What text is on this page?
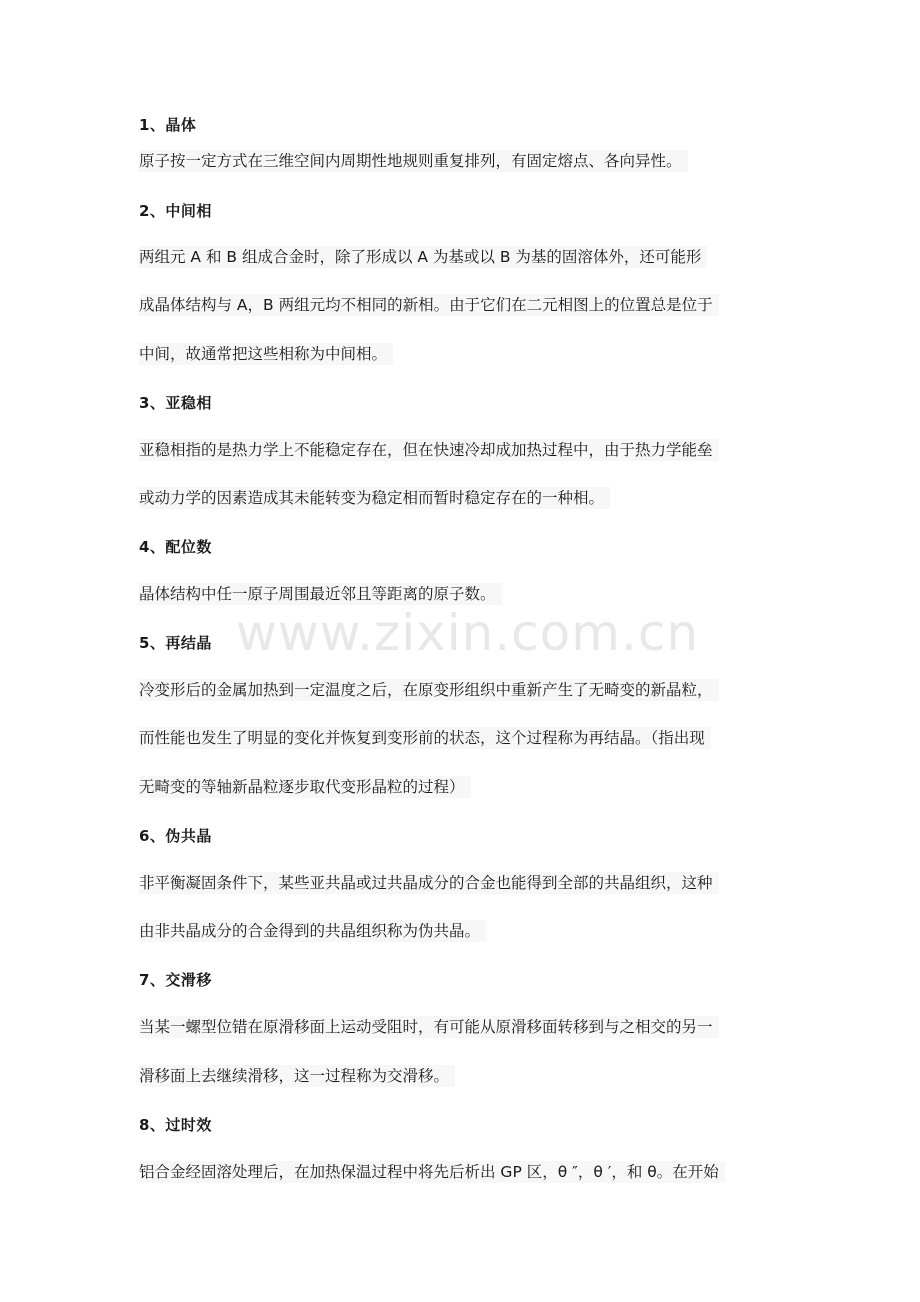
1、晶体
原子按一定方式在三维空间内周期性地规则重复排列，有固定熔点、各向异性。
2、中间相
两组元 A 和 B 组成合金时，除了形成以 A 为基或以 B 为基的固溶体外，还可能形
成晶体结构与 A，B 两组元均不相同的新相。由于它们在二元相图上的位置总是位于
中间，故通常把这些相称为中间相。
3、亚稳相
亚稳相指的是热力学上不能稳定存在，但在快速冷却成加热过程中，由于热力学能垒
或动力学的因素造成其未能转变为稳定相而暂时稳定存在的一种相。
4、配位数
晶体结构中任一原子周围最近邻且等距离的原子数。
5、再结晶
冷变形后的金属加热到一定温度之后，在原变形组织中重新产生了无畸变的新晶粒，
而性能也发生了明显的变化并恢复到变形前的状态，这个过程称为再结晶。（指出现
无畸变的等轴新晶粒逐步取代变形晶粒的过程）
6、伪共晶
非平衡凝固条件下，某些亚共晶或过共晶成分的合金也能得到全部的共晶组织，这种
由非共晶成分的合金得到的共晶组织称为伪共晶。
7、交滑移
当某一螺型位错在原滑移面上运动受阻时，有可能从原滑移面转移到与之相交的另一
滑移面上去继续滑移，这一过程称为交滑移。
8、过时效
铝合金经固溶处理后，在加热保温过程中将先后析出 GP 区，θ ″，θ ′，和 θ。在开始
www.zixin.com.cn
